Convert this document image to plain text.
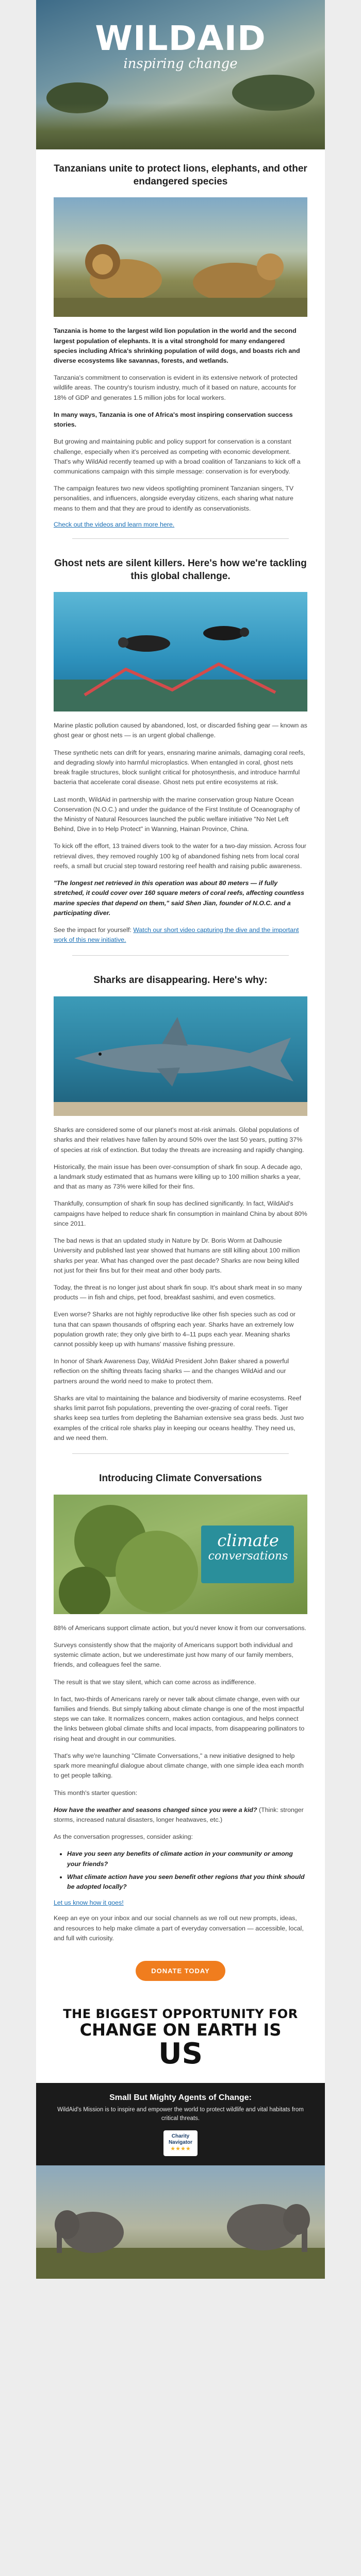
WILDAID
inspiring change
Tanzanians unite to protect lions, elephants, and other endangered species

Tanzania is home to the largest wild lion population in the world and the second largest population of elephants. It is a vital stronghold for many endangered species including Africa's shrinking population of wild dogs, and boasts rich and diverse ecosystems like savannas, forests, and wetlands.

Tanzania's commitment to conservation is evident in its extensive network of protected wildlife areas. The country's tourism industry, much of it based on nature, accounts for 18% of GDP and generates 1.5 million jobs for local workers.

In many ways, Tanzania is one of Africa's most inspiring conservation success stories.

But growing and maintaining public and policy support for conservation is a constant challenge, especially when it's perceived as competing with economic development. That's why WildAid recently teamed up with a broad coalition of Tanzanians to kick off a communications campaign with this simple message: conservation is for everybody.

The campaign features two new videos spotlighting prominent Tanzanian singers, TV personalities, and influencers, alongside everyday citizens, each sharing what nature means to them and that they are proud to identify as conservationists.

Check out the videos and learn more here.

Ghost nets are silent killers. Here's how we're tackling this global challenge.

Marine plastic pollution caused by abandoned, lost, or discarded fishing gear — known as ghost gear or ghost nets — is an urgent global challenge.

These synthetic nets can drift for years, ensnaring marine animals, damaging coral reefs, and degrading slowly into harmful microplastics. When entangled in coral, ghost nets break fragile structures, block sunlight critical for photosynthesis, and introduce harmful bacteria that accelerate coral disease. Ghost nets put entire ecosystems at risk.

Last month, WildAid in partnership with the marine conservation group Nature Ocean Conservation (N.O.C.) and under the guidance of the First Institute of Oceanography of the Ministry of Natural Resources launched the public welfare initiative "No Net Left Behind, Dive in to Help Protect" in Wanning, Hainan Province, China.

To kick off the effort, 13 trained divers took to the water for a two-day mission. Across four retrieval dives, they removed roughly 100 kg of abandoned fishing nets from local coral reefs, a small but crucial step toward restoring reef health and raising public awareness.

"The longest net retrieved in this operation was about 80 meters — if fully stretched, it could cover over 160 square meters of coral reefs, affecting countless marine species that depend on them," said Shen Jian, founder of N.O.C. and a participating diver.

See the impact for yourself: Watch our short video capturing the dive and the important work of this new initiative.

Sharks are disappearing. Here's why:

Sharks are considered some of our planet's most at-risk animals. Global populations of sharks and their relatives have fallen by around 50% over the last 50 years, putting 37% of species at risk of extinction. But today the threats are increasing and rapidly changing.

Historically, the main issue has been over-consumption of shark fin soup. A decade ago, a landmark study estimated that as humans were killing up to 100 million sharks a year, and that as many as 73% were killed for their fins.

Thankfully, consumption of shark fin soup has declined significantly. In fact, WildAid's campaigns have helped to reduce shark fin consumption in mainland China by about 80% since 2011.

The bad news is that an updated study in Nature by Dr. Boris Worm at Dalhousie University and published last year showed that humans are still killing about 100 million sharks per year. What has changed over the past decade? Sharks are now being killed not just for their fins but for their meat and other body parts.

Today, the threat is no longer just about shark fin soup. It's about shark meat in so many products — in fish and chips, pet food, breakfast sashimi, and even cosmetics.

Even worse? Sharks are not highly reproductive like other fish species such as cod or tuna that can spawn thousands of offspring each year. Sharks have an extremely low population growth rate; they only give birth to 4–11 pups each year. Meaning sharks cannot possibly keep up with humans' massive fishing pressure.

In honor of Shark Awareness Day, WildAid President John Baker shared a powerful reflection on the shifting threats facing sharks — and the changes WildAid and our partners around the world need to make to protect them.

Sharks are vital to maintaining the balance and biodiversity of marine ecosystems. Reef sharks limit parrot fish populations, preventing the over-grazing of coral reefs. Tiger sharks keep sea turtles from depleting the Bahamian extensive sea grass beds. Just two examples of the critical role sharks play in keeping our oceans healthy. They need us, and we need them.

Introducing Climate Conversations
climate
conversations

88% of Americans support climate action, but you'd never know it from our conversations.

Surveys consistently show that the majority of Americans support both individual and systemic climate action, but we underestimate just how many of our family members, friends, and colleagues feel the same.

The result is that we stay silent, which can come across as indifference.

In fact, two-thirds of Americans rarely or never talk about climate change, even with our families and friends. But simply talking about climate change is one of the most impactful steps we can take. It normalizes concern, makes action contagious, and helps connect the links between global climate shifts and local impacts, from disappearing pollinators to rising heat and drought in our communities.

That's why we're launching "Climate Conversations," a new initiative designed to help spark more meaningful dialogue about climate change, with one simple idea each month to get people talking.

This month's starter question:

How have the weather and seasons changed since you were a kid? (Think: stronger storms, increased natural disasters, longer heatwaves, etc.)

As the conversation progresses, consider asking:

• Have you seen any benefits of climate action in your community or among your friends?
• What climate action have you seen benefit other regions that you think should be adopted locally?

Let us know how it goes!

Keep an eye on your inbox and our social channels as we roll out new prompts, ideas, and resources to help make climate a part of everyday conversation — accessible, local, and full with curiosity.

DONATE TODAY
THE BIGGEST OPPORTUNITY FOR
CHANGE ON EARTH IS
US
Small But Mighty Agents of Change:
WildAid's Mission is to inspire and empower the world to protect wildlife and vital habitats from critical threats.
Charity
Navigator
★★★★
